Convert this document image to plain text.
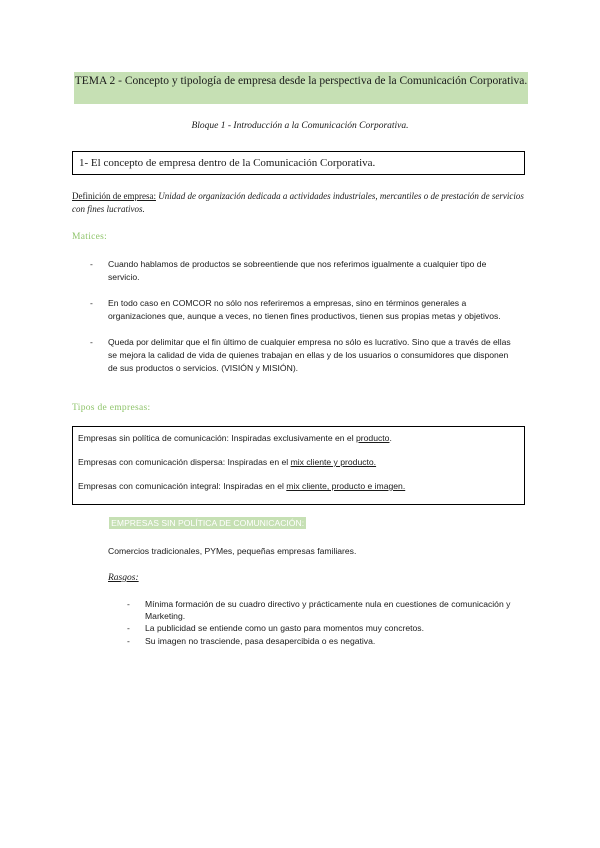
TEMA 2 - Concepto y tipología de empresa desde la perspectiva de la Comunicación Corporativa.
Bloque 1 - Introducción a la Comunicación Corporativa.
1- El concepto de empresa dentro de la Comunicación Corporativa.
Definición de empresa: Unidad de organización dedicada a actividades industriales, mercantiles o de prestación de servicios con fines lucrativos.
Matices:
- Cuando hablamos de productos se sobreentiende que nos referimos igualmente a cualquier tipo de servicio.
- En todo caso en COMCOR no sólo nos referiremos a empresas, sino en términos generales a organizaciones que, aunque a veces, no tienen fines productivos, tienen sus propias metas y objetivos.
- Queda por delimitar que el fin último de cualquier empresa no sólo es lucrativo. Sino que a través de ellas se mejora la calidad de vida de quienes trabajan en ellas y de los usuarios o consumidores que disponen de sus productos o servicios. (VISIÓN y MISIÓN).
Tipos de empresas:

Empresas sin política de comunicación: Inspiradas exclusivamente en el producto.

Empresas con comunicación dispersa: Inspiradas en el mix cliente y producto.

Empresas con comunicación integral: Inspiradas en el mix cliente, producto e imagen.

1. EMPRESAS SIN POLÍTICA DE COMUNICACIÓN:
Comercios tradicionales, PYMes, pequeñas empresas familiares.
Rasgos:
- Mínima formación de su cuadro directivo y prácticamente nula en cuestiones de comunicación y Marketing.
- La publicidad se entiende como un gasto para momentos muy concretos.
- Su imagen no trasciende, pasa desapercibida o es negativa.
